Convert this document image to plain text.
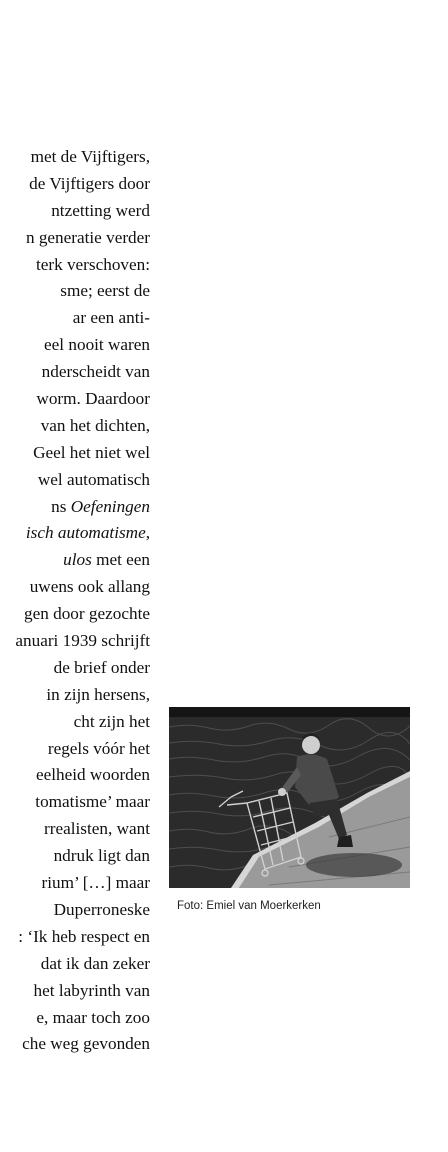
met de Vijftigers,
de Vijftigers door
ntzetting werd
n generatie verder
terk verschoven:
sme; eerst de
ar een anti-
eel nooit waren
nderscheidt van
worm. Daardoor
van het dichten,
Geel het niet wel
wel automatisch
ns Oefeningen
isch automatisme,
ulos met een
uwens ook allang
gen door gezochte
anuari 1939 schrijft
de brief onder
in zijn hersens,
cht zijn het
regels vóór het
eelheid woorden
tomatisme’ maar
rrealisten, want
ndruk ligt dan
rium’ […] maar
Duperroneske
: ‘Ik heb respect en
dat ik dan zeker
het labyrinth van
e, maar toch zoo
che weg gevonden
Foto: Emiel van Moerkerken
